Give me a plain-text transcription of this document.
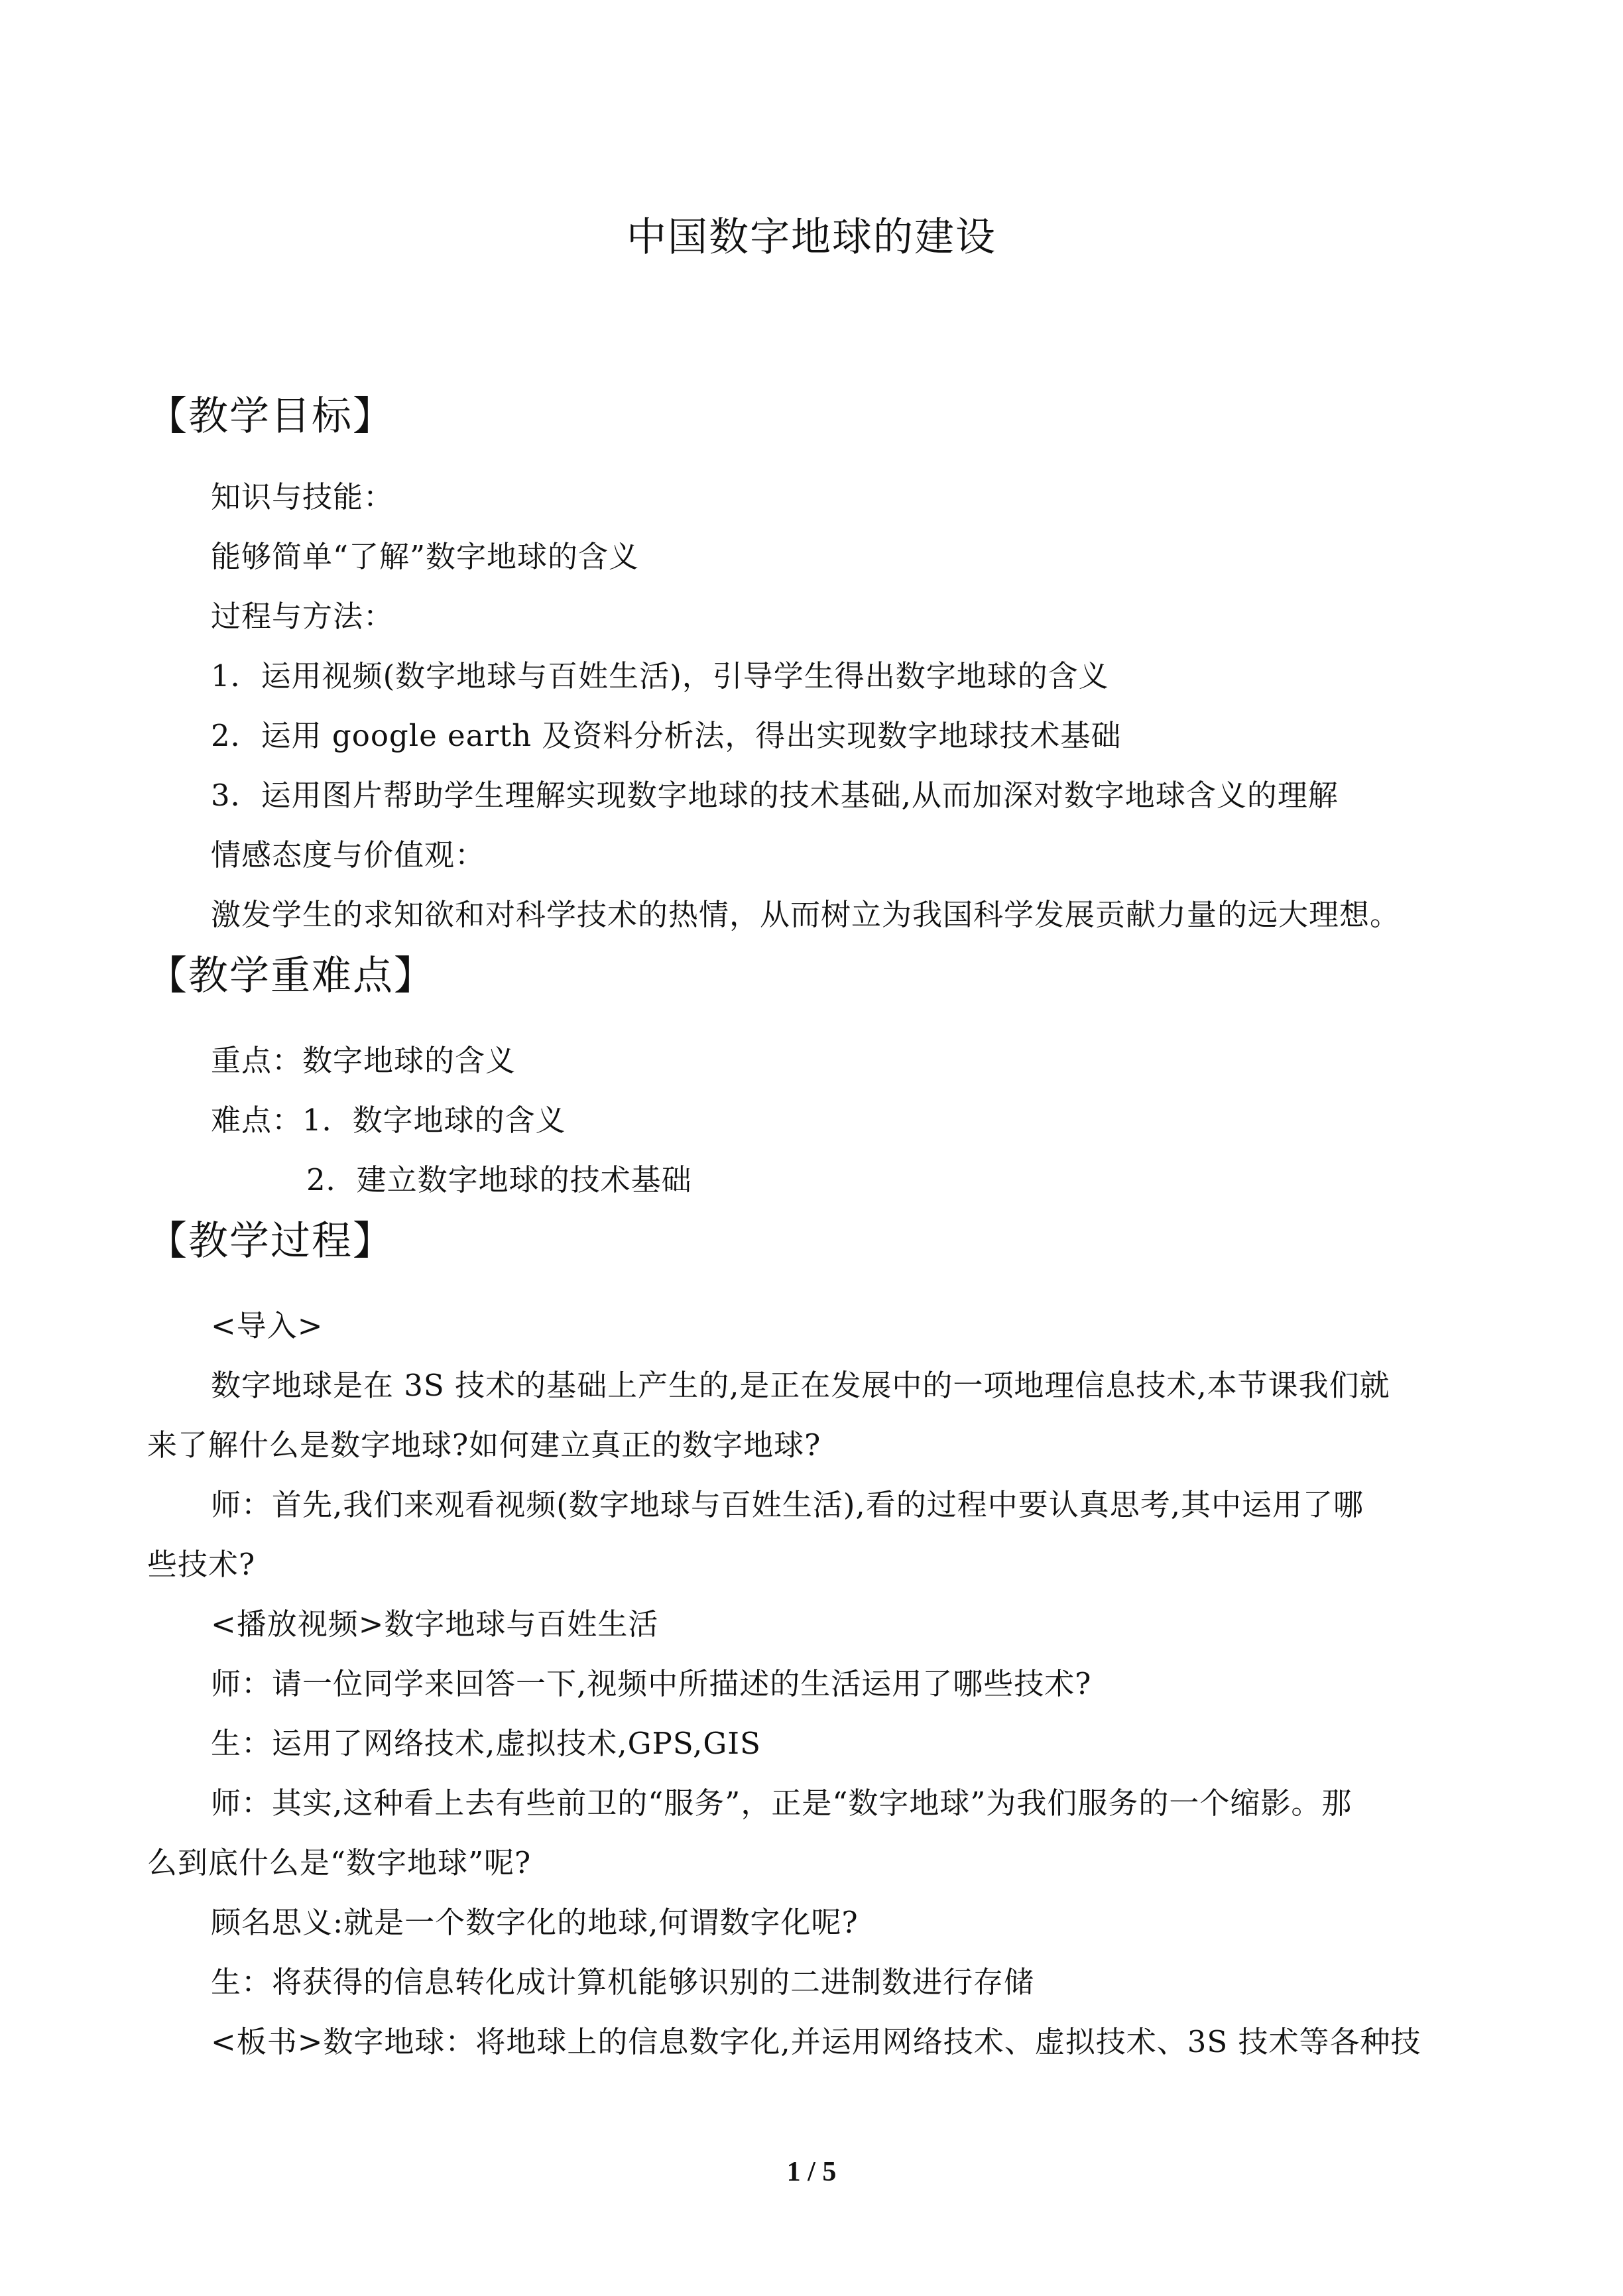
中国数字地球的建设
【教学目标】
知识与技能：
能够简单“了解”数字地球的含义
过程与方法：
1．运用视频(数字地球与百姓生活)，引导学生得出数字地球的含义
2．运用 google earth 及资料分析法，得出实现数字地球技术基础
3．运用图片帮助学生理解实现数字地球的技术基础,从而加深对数字地球含义的理解
情感态度与价值观：
激发学生的求知欲和对科学技术的热情，从而树立为我国科学发展贡献力量的远大理想。
【教学重难点】
重点：数字地球的含义
难点：1．数字地球的含义
2．建立数字地球的技术基础
【教学过程】
<导入>
数字地球是在 3S 技术的基础上产生的,是正在发展中的一项地理信息技术,本节课我们就
来了解什么是数字地球?如何建立真正的数字地球?
师：首先,我们来观看视频(数字地球与百姓生活),看的过程中要认真思考,其中运用了哪
些技术?
<播放视频>数字地球与百姓生活
师：请一位同学来回答一下,视频中所描述的生活运用了哪些技术?
生：运用了网络技术,虚拟技术,GPS,GIS
师：其实,这种看上去有些前卫的“服务”，正是“数字地球”为我们服务的一个缩影。那
么到底什么是“数字地球”呢?
顾名思义:就是一个数字化的地球,何谓数字化呢?
生：将获得的信息转化成计算机能够识别的二进制数进行存储
<板书>数字地球：将地球上的信息数字化,并运用网络技术、虚拟技术、3S 技术等各种技
1 / 5
